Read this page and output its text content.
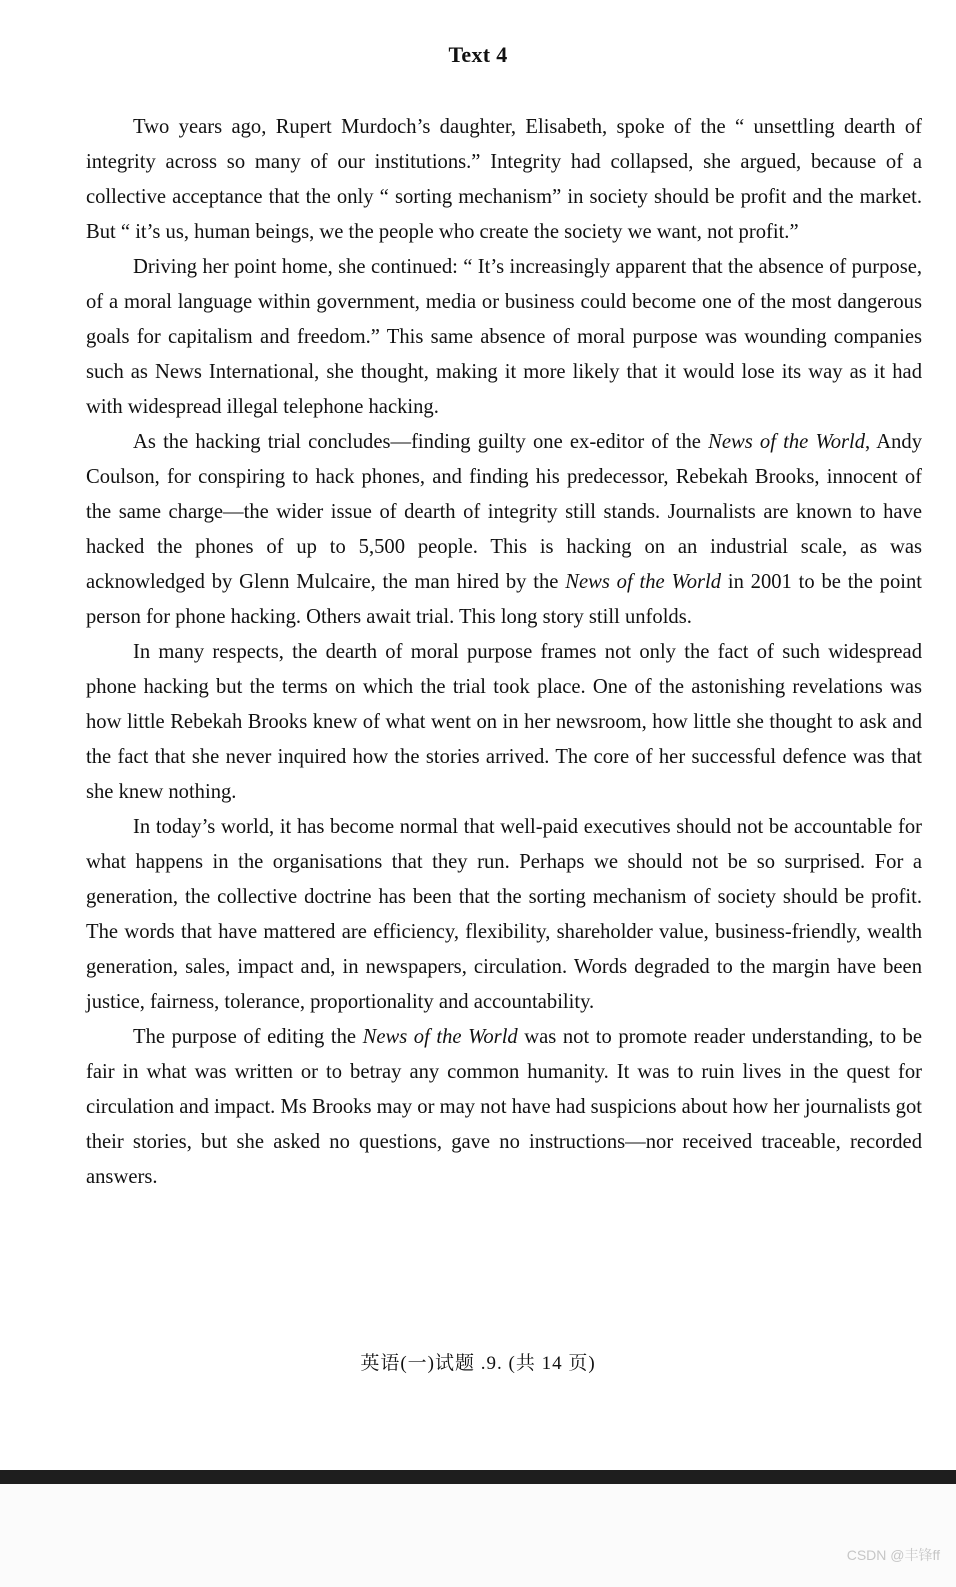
Text 4

Two years ago, Rupert Murdoch’s daughter, Elisabeth, spoke of the “ unsettling dearth of integrity across so many of our institutions.” Integrity had collapsed, she argued, because of a collective acceptance that the only “ sorting mechanism” in society should be profit and the market. But “ it’s us, human beings, we the people who create the society we want, not profit.”

Driving her point home, she continued: “ It’s increasingly apparent that the absence of purpose, of a moral language within government, media or business could become one of the most dangerous goals for capitalism and freedom.” This same absence of moral purpose was wounding companies such as News International, she thought, making it more likely that it would lose its way as it had with widespread illegal telephone hacking.

As the hacking trial concludes—finding guilty one ex-editor of the News of the World, Andy Coulson, for conspiring to hack phones, and finding his predecessor, Rebekah Brooks, innocent of the same charge—the wider issue of dearth of integrity still stands. Journalists are known to have hacked the phones of up to 5,500 people. This is hacking on an industrial scale, as was acknowledged by Glenn Mulcaire, the man hired by the News of the World in 2001 to be the point person for phone hacking. Others await trial. This long story still unfolds.

In many respects, the dearth of moral purpose frames not only the fact of such widespread phone hacking but the terms on which the trial took place. One of the astonishing revelations was how little Rebekah Brooks knew of what went on in her newsroom, how little she thought to ask and the fact that she never inquired how the stories arrived. The core of her successful defence was that she knew nothing.

In today’s world, it has become normal that well-paid executives should not be accountable for what happens in the organisations that they run. Perhaps we should not be so surprised. For a generation, the collective doctrine has been that the sorting mechanism of society should be profit. The words that have mattered are efficiency, flexibility, shareholder value, business-friendly, wealth generation, sales, impact and, in newspapers, circulation. Words degraded to the margin have been justice, fairness, tolerance, proportionality and accountability.

The purpose of editing the News of the World was not to promote reader understanding, to be fair in what was written or to betray any common humanity. It was to ruin lives in the quest for circulation and impact. Ms Brooks may or may not have had suspicions about how her journalists got their stories, but she asked no questions, gave no instructions—nor received traceable, recorded answers.

英语(一)试题 .9. (共 14 页)
CSDN @丰锋ff
